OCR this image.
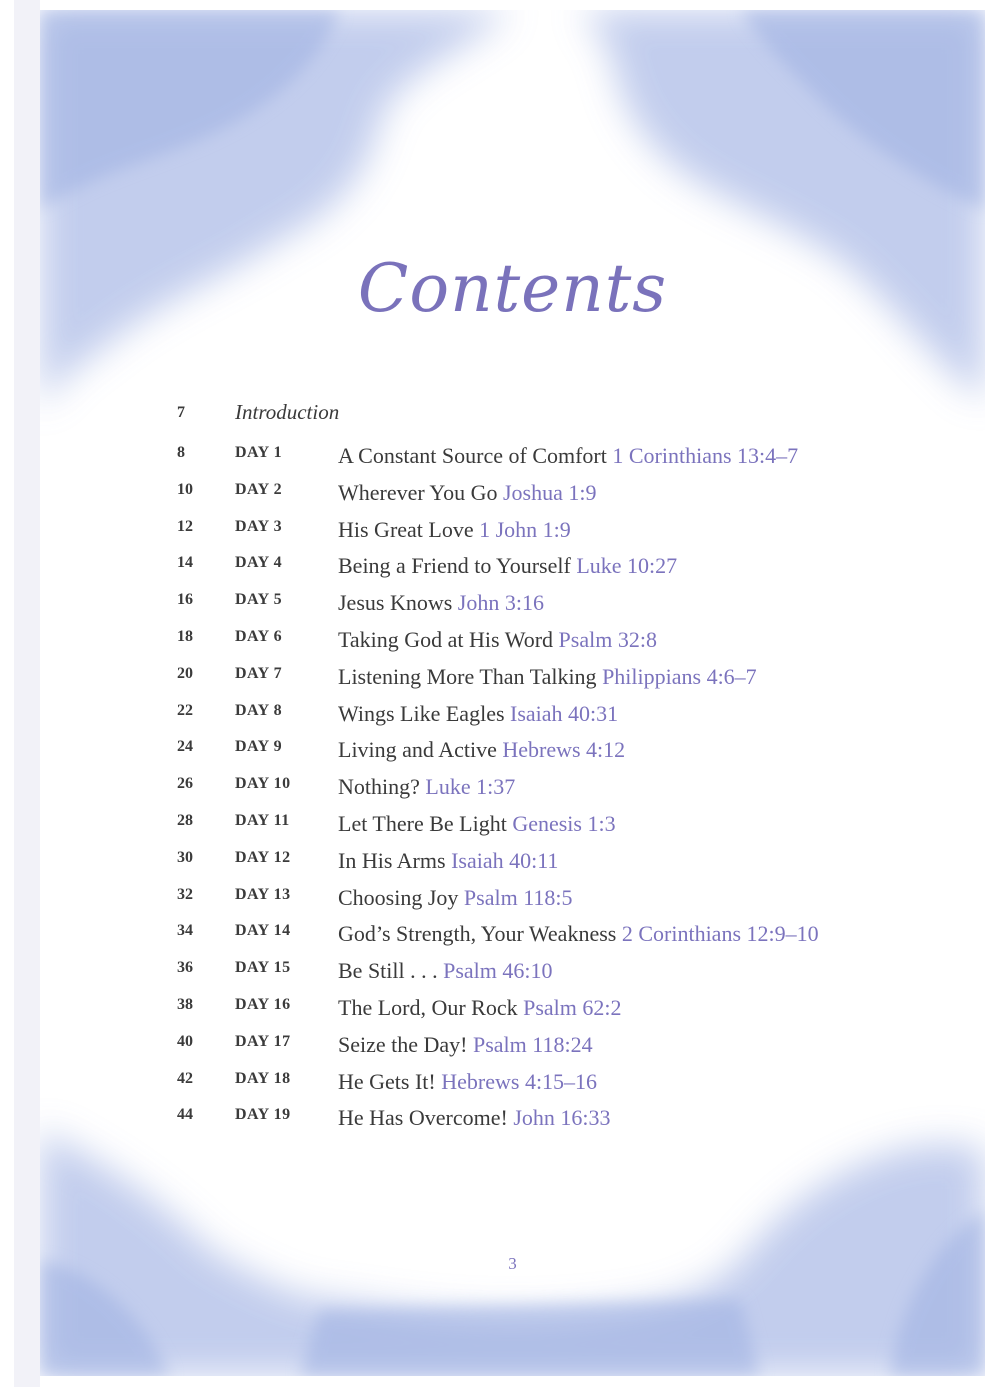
Contents
7 Introduction
8	DAY 1	A Constant Source of Comfort 1 Corinthians 13:4–7
10	DAY 2	Wherever You Go Joshua 1:9
12	DAY 3	His Great Love 1 John 1:9
14	DAY 4	Being a Friend to Yourself Luke 10:27
16	DAY 5	Jesus Knows John 3:16
18	DAY 6	Taking God at His Word Psalm 32:8
20	DAY 7	Listening More Than Talking Philippians 4:6–7
22	DAY 8	Wings Like Eagles Isaiah 40:31
24	DAY 9	Living and Active Hebrews 4:12
26	DAY 10 Nothing? Luke 1:37
28	DAY 11 Let There Be Light Genesis 1:3
30	DAY 12 In His Arms Isaiah 40:11
32	DAY 13 Choosing Joy Psalm 118:5
34	DAY 14 God’s Strength, Your Weakness 2 Corinthians 12:9–10
36	DAY 15 Be Still . . . Psalm 46:10
38	DAY 16 The Lord, Our Rock Psalm 62:2
40	DAY 17 Seize the Day! Psalm 118:24
42	DAY 18 He Gets It! Hebrews 4:15–16
44	DAY 19 He Has Overcome! John 16:33
3
